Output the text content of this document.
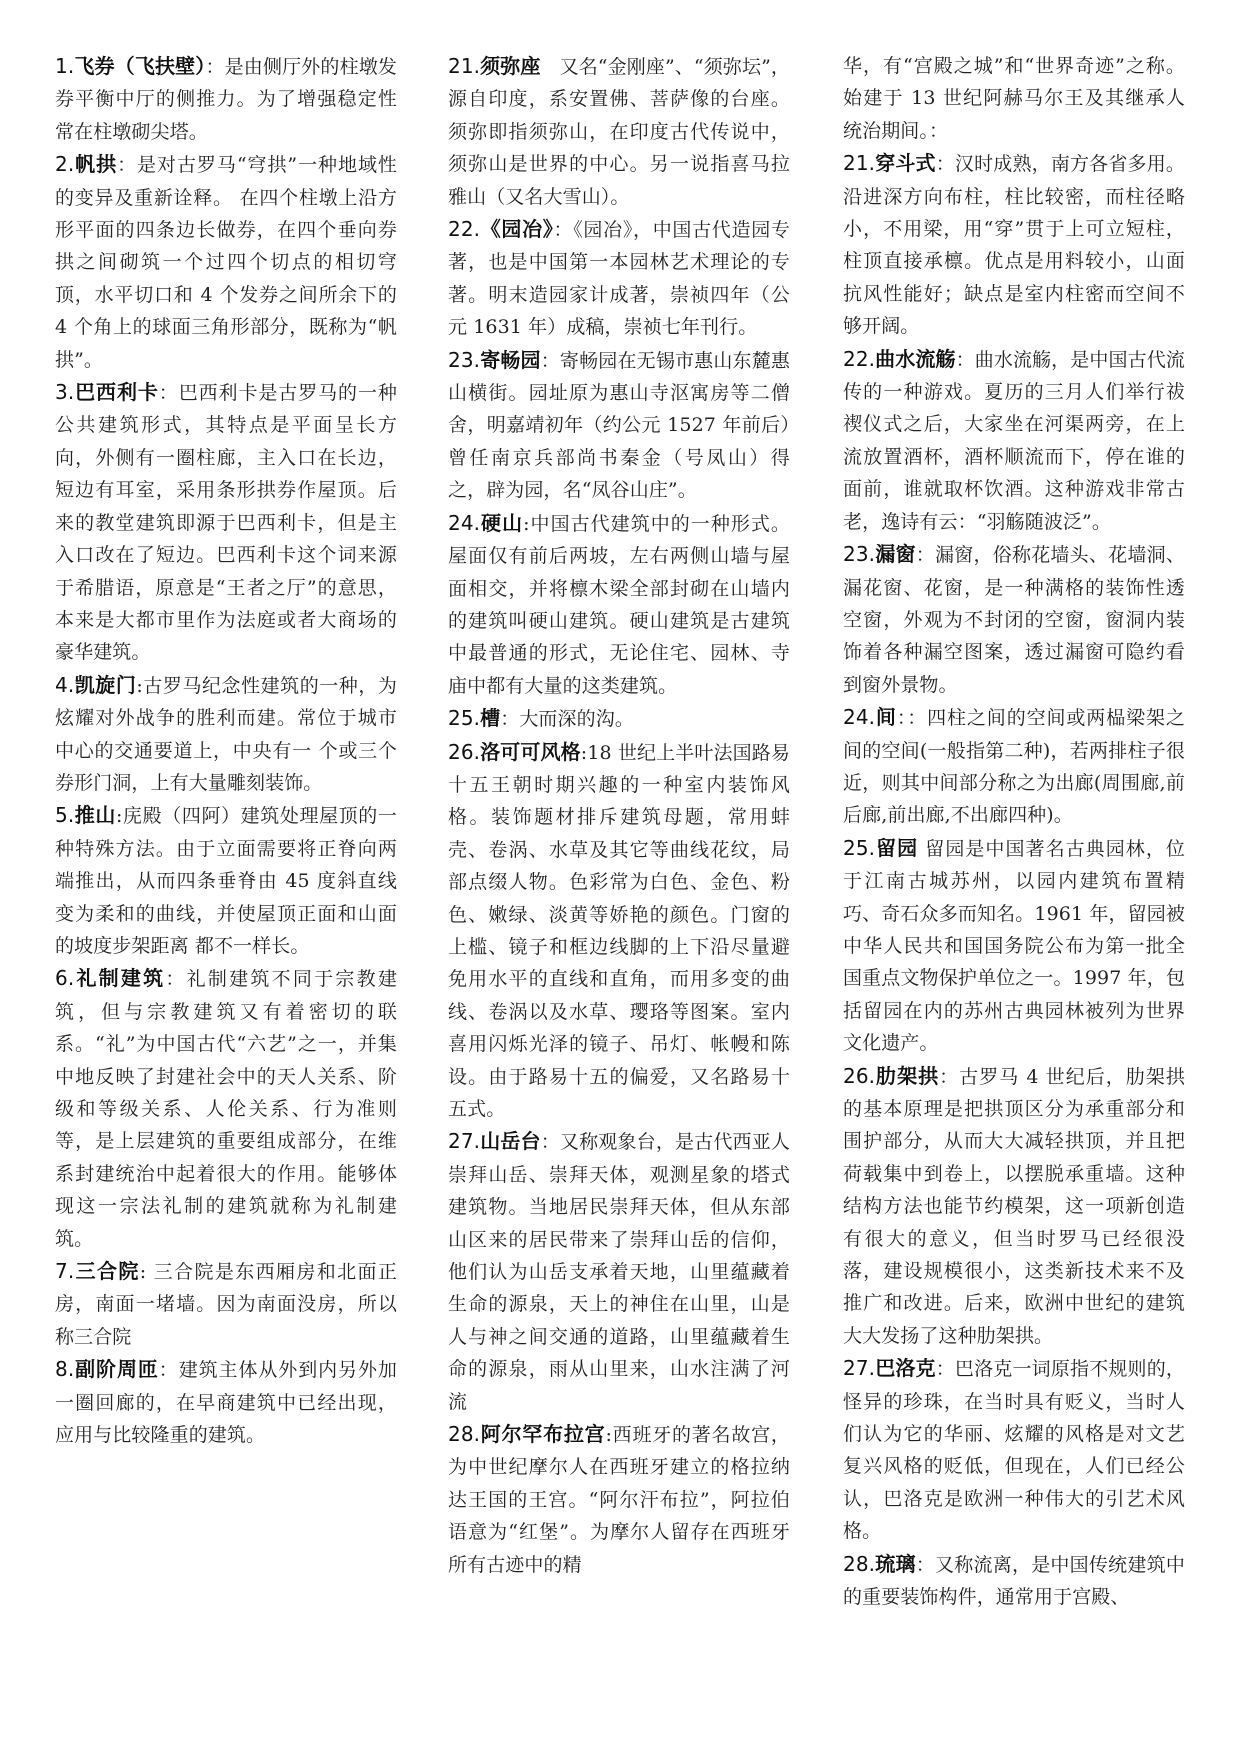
1.飞券（飞扶壁）：是由侧厅外的柱墩发券平衡中厅的侧推力。为了增强稳定性常在柱墩砌尖塔。

2.帆拱：是对古罗马“穹拱”一种地域性的变异及重新诠释。 在四个柱墩上沿方形平面的四条边长做券，在四个垂向券拱之间砌筑一个过四个切点的相切穹顶，水平切口和 4 个发券之间所余下的 4 个角上的球面三角形部分，既称为“帆拱”。

3.巴西利卡：巴西利卡是古罗马的一种公共建筑形式，其特点是平面呈长方向，外侧有一圈柱廊，主入口在长边，短边有耳室，采用条形拱券作屋顶。后来的教堂建筑即源于巴西利卡，但是主入口改在了短边。巴西利卡这个词来源于希腊语，原意是“王者之厅”的意思，本来是大都市里作为法庭或者大商场的豪华建筑。

4.凯旋门:古罗马纪念性建筑的一种，为炫耀对外战争的胜利而建。常位于城市中心的交通要道上，中央有一 个或三个券形门洞，上有大量雕刻装饰。

5.推山:庑殿（四阿）建筑处理屋顶的一种特殊方法。由于立面需要将正脊向两端推出，从而四条垂脊由 45 度斜直线变为柔和的曲线，并使屋顶正面和山面的坡度步架距离 都不一样长。

6.礼制建筑：礼制建筑不同于宗教建筑，但与宗教建筑又有着密切的联系。“礼”为中国古代“六艺”之一，并集中地反映了封建社会中的天人关系、阶级和等级关系、人伦关系、行为准则等，是上层建筑的重要组成部分，在维系封建统治中起着很大的作用。能够体现这一宗法礼制的建筑就称为礼制建筑。

7.三合院: 三合院是东西厢房和北面正房，南面一堵墙。因为南面没房，所以称三合院

8.副阶周匝：建筑主体从外到内另外加一圈回廊的，在早商建筑中已经出现，应用与比较隆重的建筑。

21.须弥座　又名“金刚座”、“须弥坛”，源自印度，系安置佛、菩萨像的台座。须弥即指须弥山，在印度古代传说中，须弥山是世界的中心。另一说指喜马拉雅山（又名大雪山）。

22.《园冶》：《园冶》，中国古代造园专著，也是中国第一本园林艺术理论的专著。明末造园家计成著，崇祯四年（公元 1631 年）成稿，崇祯七年刊行。

23.寄畅园：寄畅园在无锡市惠山东麓惠山横街。园址原为惠山寺沤寓房等二僧舍，明嘉靖初年（约公元 1527 年前后）曾任南京兵部尚书秦金（号凤山）得之，辟为园，名“凤谷山庄”。

24.硬山:中国古代建筑中的一种形式。屋面仅有前后两坡，左右两侧山墙与屋面相交，并将檩木梁全部封砌在山墙内的建筑叫硬山建筑。硬山建筑是古建筑中最普通的形式，无论住宅、园林、寺庙中都有大量的这类建筑。

25.槽：大而深的沟。

26.洛可可风格:18 世纪上半叶法国路易十五王朝时期兴趣的一种室内装饰风格。装饰题材排斥建筑母题，常用蚌壳、卷涡、水草及其它等曲线花纹，局部点缀人物。色彩常为白色、金色、粉色、嫩绿、淡黄等娇艳的颜色。门窗的上槛、镜子和框边线脚的上下沿尽量避免用水平的直线和直角，而用多变的曲线、卷涡以及水草、璎珞等图案。室内喜用闪烁光泽的镜子、吊灯、帐幔和陈设。由于路易十五的偏爱，又名路易十五式。

27.山岳台：又称观象台，是古代西亚人崇拜山岳、崇拜天体，观测星象的塔式建筑物。当地居民崇拜天体，但从东部山区来的居民带来了崇拜山岳的信仰，他们认为山岳支承着天地，山里蕴藏着生命的源泉，天上的神住在山里，山是人与神之间交通的道路，山里蕴藏着生命的源泉，雨从山里来，山水注满了河流

28.阿尔罕布拉宫:西班牙的著名故宫，为中世纪摩尔人在西班牙建立的格拉纳达王国的王宫。“阿尔汗布拉”，阿拉伯语意为“红堡”。为摩尔人留存在西班牙所有古迹中的精

华，有“宫殿之城”和“世界奇迹”之称。始建于 13 世纪阿赫马尔王及其继承人统治期间。：

21.穿斗式：汉时成熟，南方各省多用。沿进深方向布柱，柱比较密，而柱径略小，不用梁，用“穿”贯于上可立短柱，柱顶直接承檩。优点是用料较小，山面抗风性能好；缺点是室内柱密而空间不够开阔。

22.曲水流觞：曲水流觞，是中国古代流传的一种游戏。夏历的三月人们举行祓禊仪式之后，大家坐在河渠两旁，在上流放置酒杯，酒杯顺流而下，停在谁的面前，谁就取杯饮酒。这种游戏非常古老，逸诗有云：“羽觞随波泛”。

23.漏窗：漏窗，俗称花墙头、花墙洞、漏花窗、花窗，是一种满格的装饰性透空窗，外观为不封闭的空窗，窗洞内装饰着各种漏空图案，透过漏窗可隐约看到窗外景物。

24.间：：四柱之间的空间或两榀梁架之间的空间(一般指第二种)，若两排柱子很近，则其中间部分称之为出廊(周围廊,前后廊,前出廊,不出廊四种)。

25.留园 留园是中国著名古典园林，位于江南古城苏州，以园内建筑布置精巧、奇石众多而知名。1961 年，留园被中华人民共和国国务院公布为第一批全国重点文物保护单位之一。1997 年，包括留园在内的苏州古典园林被列为世界文化遗产。

26.肋架拱：古罗马 4 世纪后，肋架拱的基本原理是把拱顶区分为承重部分和围护部分，从而大大减轻拱顶，并且把荷载集中到卷上，以摆脱承重墙。这种结构方法也能节约模架，这一项新创造有很大的意义，但当时罗马已经很没落，建设规模很小，这类新技术来不及推广和改进。后来，欧洲中世纪的建筑大大发扬了这种肋架拱。

27.巴洛克：巴洛克一词原指不规则的，怪异的珍珠，在当时具有贬义，当时人们认为它的华丽、炫耀的风格是对文艺复兴风格的贬低，但现在，人们已经公认，巴洛克是欧洲一种伟大的引艺术风格。

28.琉璃：又称流离，是中国传统建筑中的重要装饰构件，通常用于宫殿、
